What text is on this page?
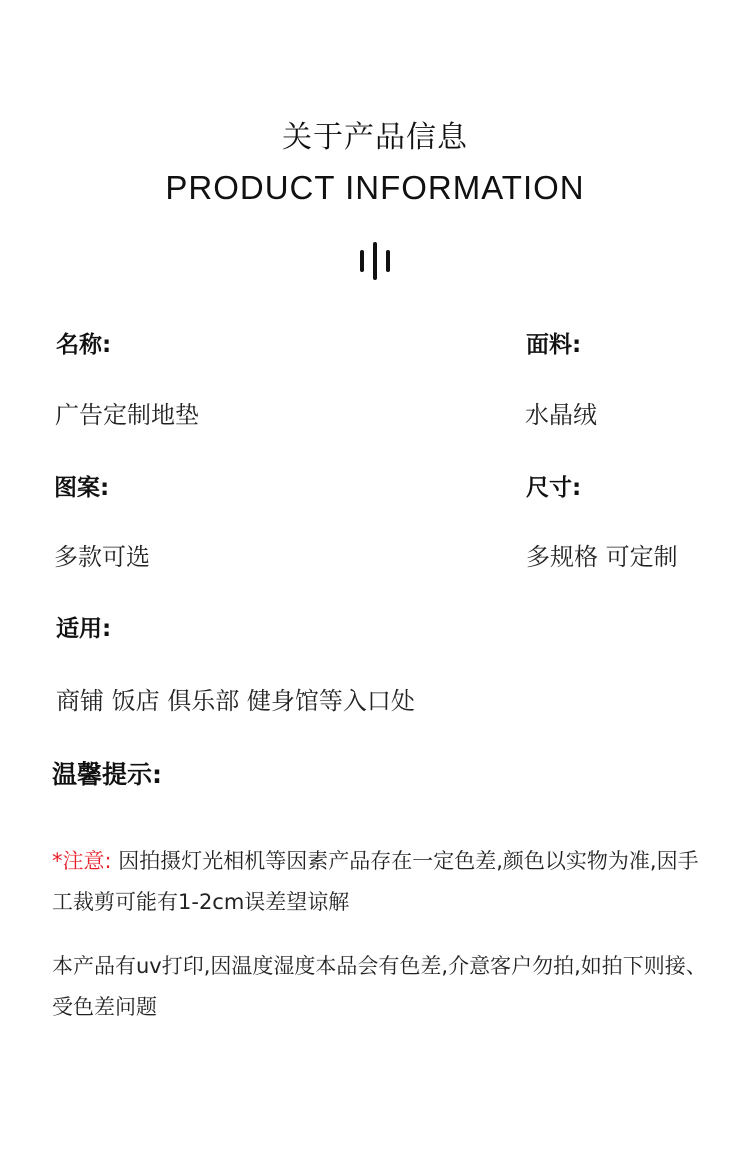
关于产品信息
PRODUCT INFORMATION
名称:
广告定制地垫
面料:
水晶绒
图案:
多款可选
尺寸:
多规格 可定制
适用:
商铺 饭店 俱乐部 健身馆等入口处
温馨提示:
*注意: 因拍摄灯光相机等因素产品存在一定色差,颜色以实物为准,因手工裁剪可能有1-2cm误差望谅解
本产品有uv打印,因温度湿度本品会有色差,介意客户勿拍,如拍下则接、受色差问题
